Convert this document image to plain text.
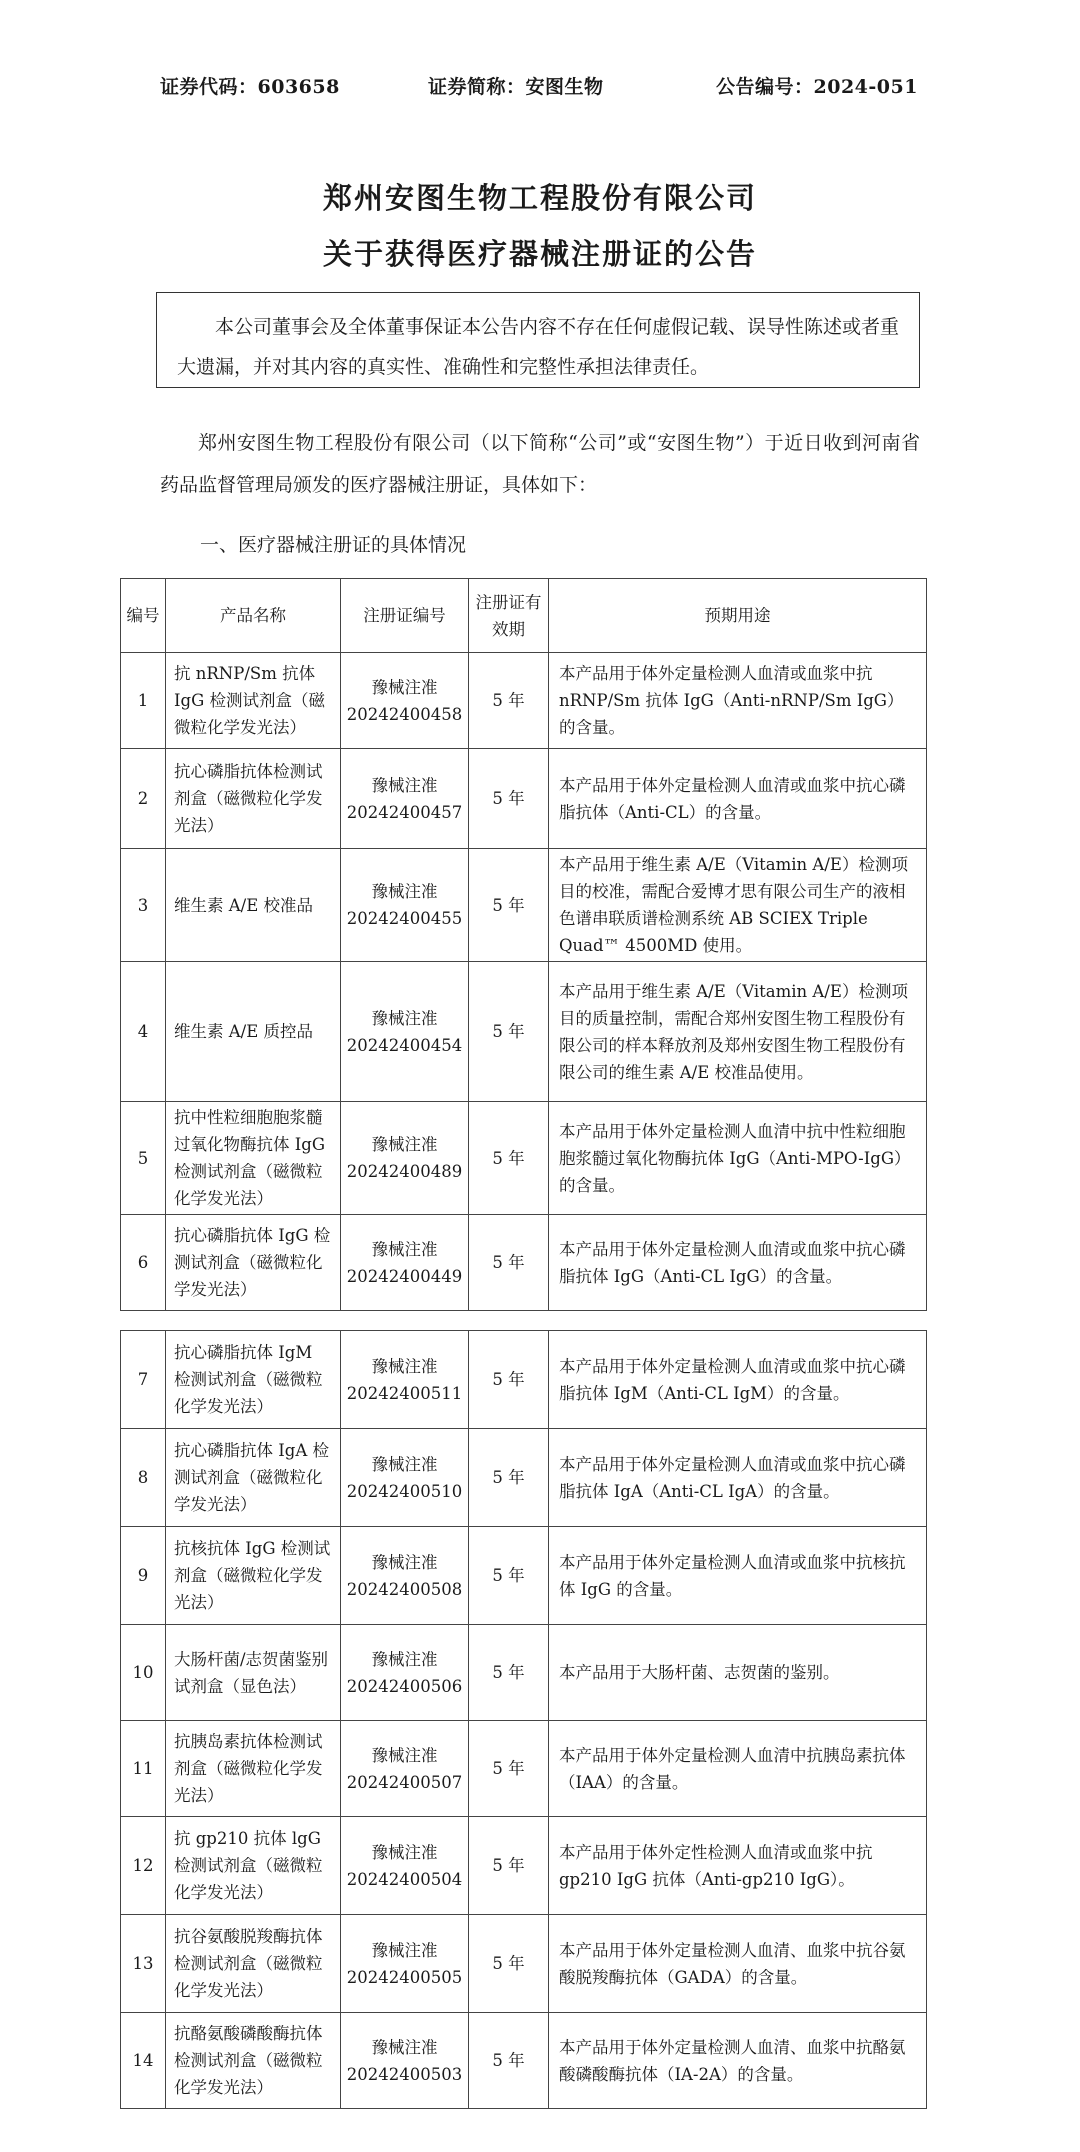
证券代码：603658	证券简称：安图生物	公告编号：2024-051
郑州安图生物工程股份有限公司
关于获得医疗器械注册证的公告
本公司董事会及全体董事保证本公告内容不存在任何虚假记载、误导性陈述或者重大遗漏，并对其内容的真实性、准确性和完整性承担法律责任。
郑州安图生物工程股份有限公司（以下简称“公司”或“安图生物”）于近日收到河南省药品监督管理局颁发的医疗器械注册证，具体如下：
一、医疗器械注册证的具体情况
编号	产品名称	注册证编号	注册证有效期	预期用途
1	抗 nRNP/Sm 抗体 IgG 检测试剂盒（磁微粒化学发光法）	豫械注准 20242400458	5 年	本产品用于体外定量检测人血清或血浆中抗 nRNP/Sm 抗体 IgG（Anti-nRNP/Sm IgG）的含量。
2	抗心磷脂抗体检测试剂盒（磁微粒化学发光法）	豫械注准 20242400457	5 年	本产品用于体外定量检测人血清或血浆中抗心磷脂抗体（Anti-CL）的含量。
3	维生素 A/E 校准品	豫械注准 20242400455	5 年	本产品用于维生素 A/E（Vitamin A/E）检测项目的校准，需配合爱博才思有限公司生产的液相色谱串联质谱检测系统 AB SCIEX Triple Quad™ 4500MD 使用。
4	维生素 A/E 质控品	豫械注准 20242400454	5 年	本产品用于维生素 A/E（Vitamin A/E）检测项目的质量控制，需配合郑州安图生物工程股份有限公司的样本释放剂及郑州安图生物工程股份有限公司的维生素 A/E 校准品使用。
5	抗中性粒细胞胞浆髓过氧化物酶抗体 IgG 检测试剂盒（磁微粒化学发光法）	豫械注准 20242400489	5 年	本产品用于体外定量检测人血清中抗中性粒细胞胞浆髓过氧化物酶抗体 IgG（Anti-MPO-IgG）的含量。
6	抗心磷脂抗体 IgG 检测试剂盒（磁微粒化学发光法）	豫械注准 20242400449	5 年	本产品用于体外定量检测人血清或血浆中抗心磷脂抗体 IgG（Anti-CL IgG）的含量。
7	抗心磷脂抗体 IgM 检测试剂盒（磁微粒化学发光法）	豫械注准 20242400511	5 年	本产品用于体外定量检测人血清或血浆中抗心磷脂抗体 IgM（Anti-CL IgM）的含量。
8	抗心磷脂抗体 IgA 检测试剂盒（磁微粒化学发光法）	豫械注准 20242400510	5 年	本产品用于体外定量检测人血清或血浆中抗心磷脂抗体 IgA（Anti-CL IgA）的含量。
9	抗核抗体 IgG 检测试剂盒（磁微粒化学发光法）	豫械注准 20242400508	5 年	本产品用于体外定量检测人血清或血浆中抗核抗体 IgG 的含量。
10	大肠杆菌/志贺菌鉴别试剂盒（显色法）	豫械注准 20242400506	5 年	本产品用于大肠杆菌、志贺菌的鉴别。
11	抗胰岛素抗体检测试剂盒（磁微粒化学发光法）	豫械注准 20242400507	5 年	本产品用于体外定量检测人血清中抗胰岛素抗体（IAA）的含量。
12	抗 gp210 抗体 lgG 检测试剂盒（磁微粒化学发光法）	豫械注准 20242400504	5 年	本产品用于体外定性检测人血清或血浆中抗 gp210 IgG 抗体（Anti-gp210 IgG）。
13	抗谷氨酸脱羧酶抗体检测试剂盒（磁微粒化学发光法）	豫械注准 20242400505	5 年	本产品用于体外定量检测人血清、血浆中抗谷氨酸脱羧酶抗体（GADA）的含量。
14	抗酪氨酸磷酸酶抗体检测试剂盒（磁微粒化学发光法）	豫械注准 20242400503	5 年	本产品用于体外定量检测人血清、血浆中抗酪氨酸磷酸酶抗体（IA-2A）的含量。
